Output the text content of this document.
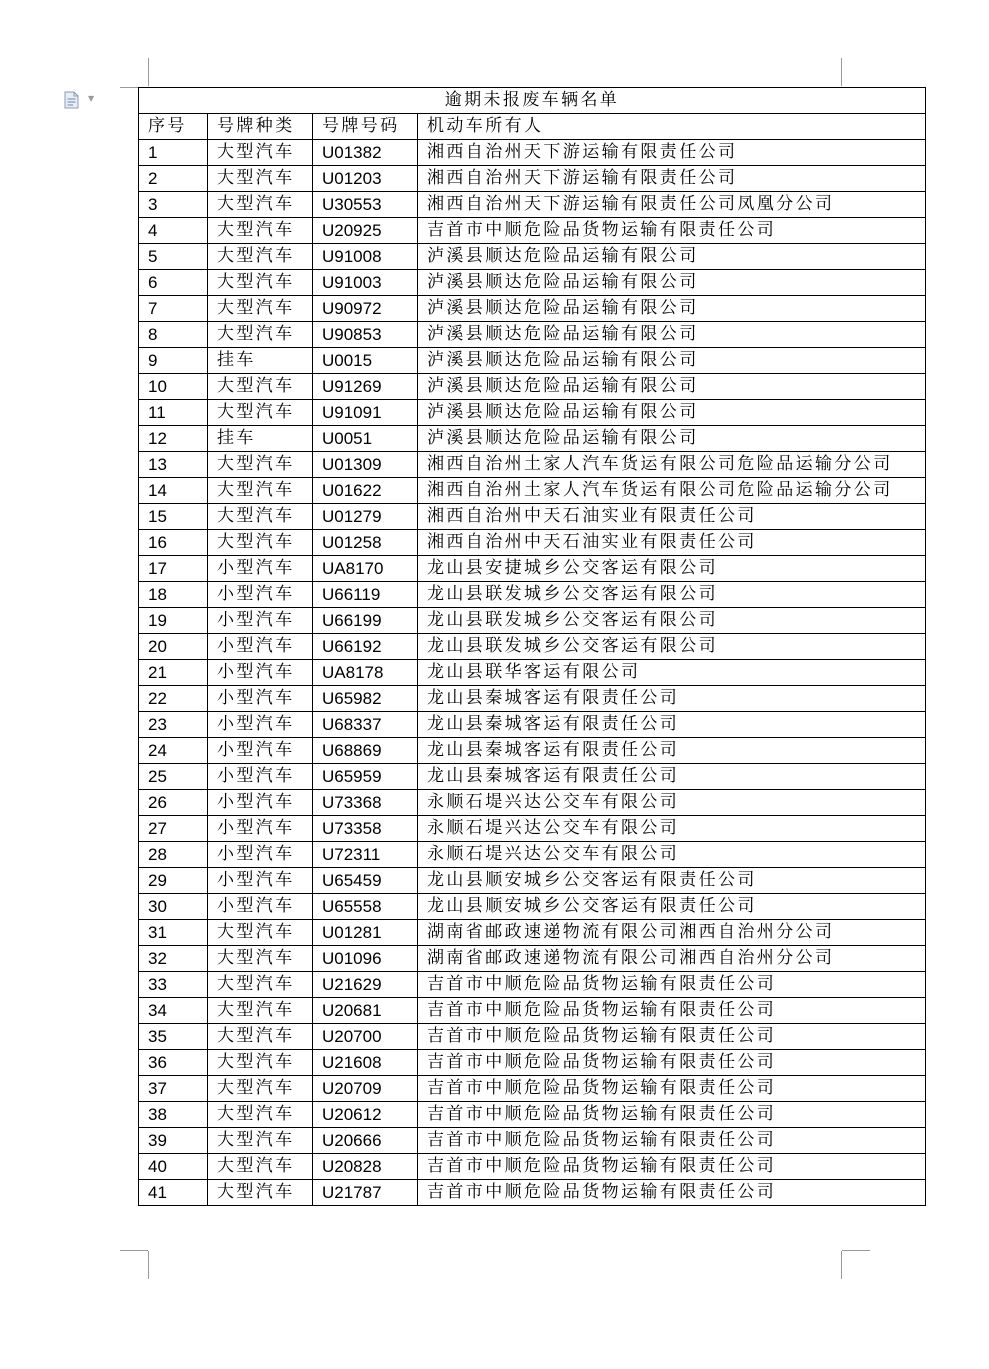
▼	逾期未报废车辆名单			
序号	号牌种类	号牌号码	机动车所有人
1	大型汽车	U01382	湘西自治州天下游运输有限责任公司
2	大型汽车	U01203	湘西自治州天下游运输有限责任公司
3	大型汽车	U30553	湘西自治州天下游运输有限责任公司凤凰分公司
4	大型汽车	U20925	吉首市中顺危险品货物运输有限责任公司
5	大型汽车	U91008	泸溪县顺达危险品运输有限公司
6	大型汽车	U91003	泸溪县顺达危险品运输有限公司
7	大型汽车	U90972	泸溪县顺达危险品运输有限公司
8	大型汽车	U90853	泸溪县顺达危险品运输有限公司
9	挂车	U0015	泸溪县顺达危险品运输有限公司
10	大型汽车	U91269	泸溪县顺达危险品运输有限公司
11	大型汽车	U91091	泸溪县顺达危险品运输有限公司
12	挂车	U0051	泸溪县顺达危险品运输有限公司
13	大型汽车	U01309	湘西自治州土家人汽车货运有限公司危险品运输分公司
14	大型汽车	U01622	湘西自治州土家人汽车货运有限公司危险品运输分公司
15	大型汽车	U01279	湘西自治州中天石油实业有限责任公司
16	大型汽车	U01258	湘西自治州中天石油实业有限责任公司
17	小型汽车	UA8170	龙山县安捷城乡公交客运有限公司
18	小型汽车	U66119	龙山县联发城乡公交客运有限公司
19	小型汽车	U66199	龙山县联发城乡公交客运有限公司
20	小型汽车	U66192	龙山县联发城乡公交客运有限公司
21	小型汽车	UA8178	龙山县联华客运有限公司
22	小型汽车	U65982	龙山县秦城客运有限责任公司
23	小型汽车	U68337	龙山县秦城客运有限责任公司
24	小型汽车	U68869	龙山县秦城客运有限责任公司
25	小型汽车	U65959	龙山县秦城客运有限责任公司
26	小型汽车	U73368	永顺石堤兴达公交车有限公司
27	小型汽车	U73358	永顺石堤兴达公交车有限公司
28	小型汽车	U72311	永顺石堤兴达公交车有限公司
29	小型汽车	U65459	龙山县顺安城乡公交客运有限责任公司
30	小型汽车	U65558	龙山县顺安城乡公交客运有限责任公司
31	大型汽车	U01281	湖南省邮政速递物流有限公司湘西自治州分公司
32	大型汽车	U01096	湖南省邮政速递物流有限公司湘西自治州分公司
33	大型汽车	U21629	吉首市中顺危险品货物运输有限责任公司
34	大型汽车	U20681	吉首市中顺危险品货物运输有限责任公司
35	大型汽车	U20700	吉首市中顺危险品货物运输有限责任公司
36	大型汽车	U21608	吉首市中顺危险品货物运输有限责任公司
37	大型汽车	U20709	吉首市中顺危险品货物运输有限责任公司
38	大型汽车	U20612	吉首市中顺危险品货物运输有限责任公司
39	大型汽车	U20666	吉首市中顺危险品货物运输有限责任公司
40	大型汽车	U20828	吉首市中顺危险品货物运输有限责任公司
41	大型汽车	U21787	吉首市中顺危险品货物运输有限责任公司
